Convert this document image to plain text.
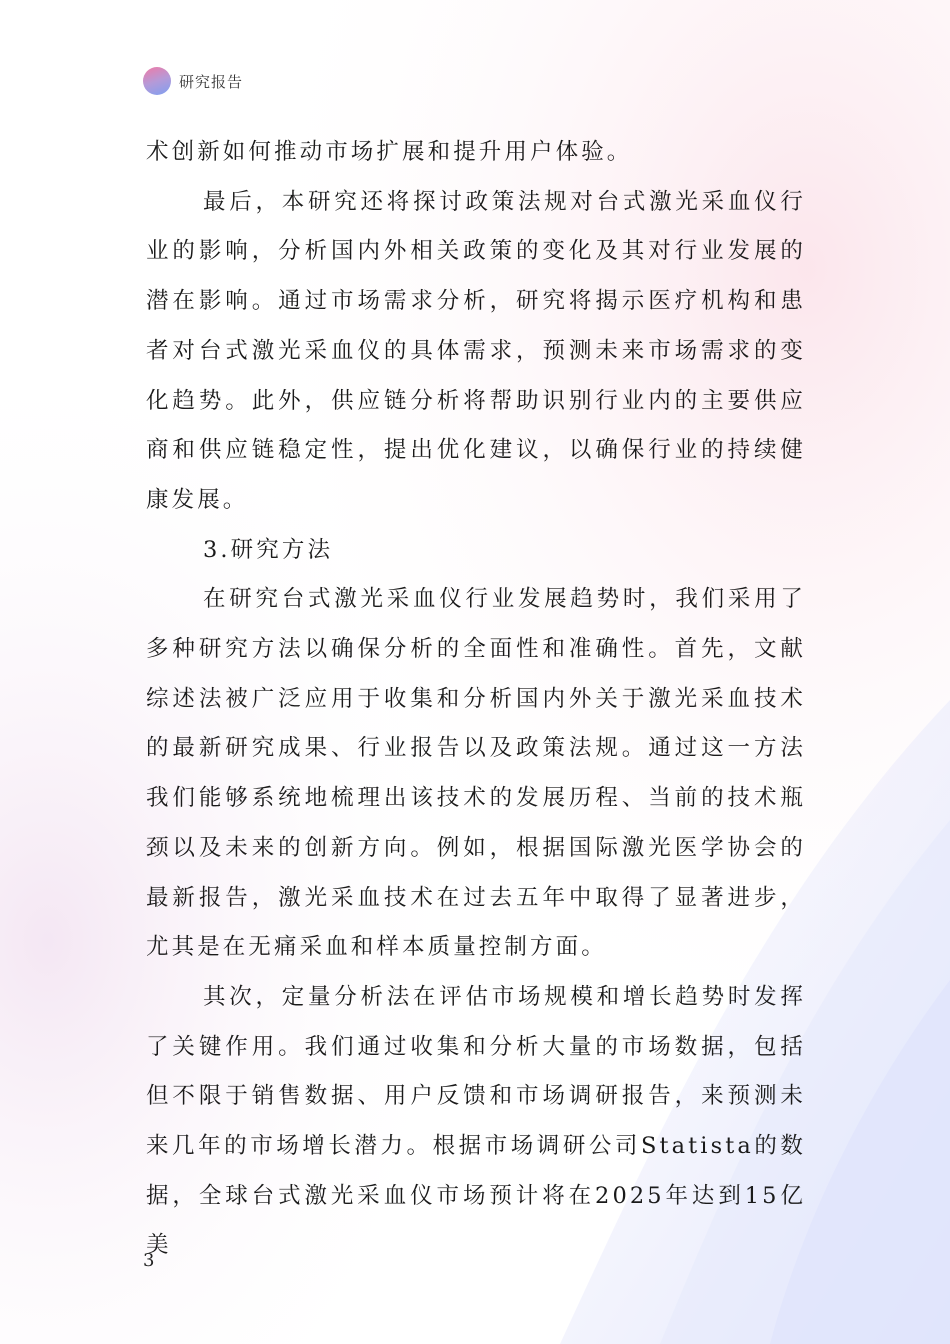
研究报告

术创新如何推动市场扩展和提升用户体验。

最后，本研究还将探讨政策法规对台式激光采血仪行业的影响，分析国内外相关政策的变化及其对行业发展的潜在影响。通过市场需求分析，研究将揭示医疗机构和患者对台式激光采血仪的具体需求，预测未来市场需求的变化趋势。此外，供应链分析将帮助识别行业内的主要供应商和供应链稳定性，提出优化建议，以确保行业的持续健康发展。

3.研究方法

在研究台式激光采血仪行业发展趋势时，我们采用了多种研究方法以确保分析的全面性和准确性。首先，文献综述法被广泛应用于收集和分析国内外关于激光采血技术的最新研究成果、行业报告以及政策法规。通过这一方法我们能够系统地梳理出该技术的发展历程、当前的技术瓶颈以及未来的创新方向。例如，根据国际激光医学协会的最新报告，激光采血技术在过去五年中取得了显著进步，尤其是在无痛采血和样本质量控制方面。

其次，定量分析法在评估市场规模和增长趋势时发挥了关键作用。我们通过收集和分析大量的市场数据，包括但不限于销售数据、用户反馈和市场调研报告，来预测未来几年的市场增长潜力。根据市场调研公司Statista的数据，全球台式激光采血仪市场预计将在2025年达到15亿美

3
